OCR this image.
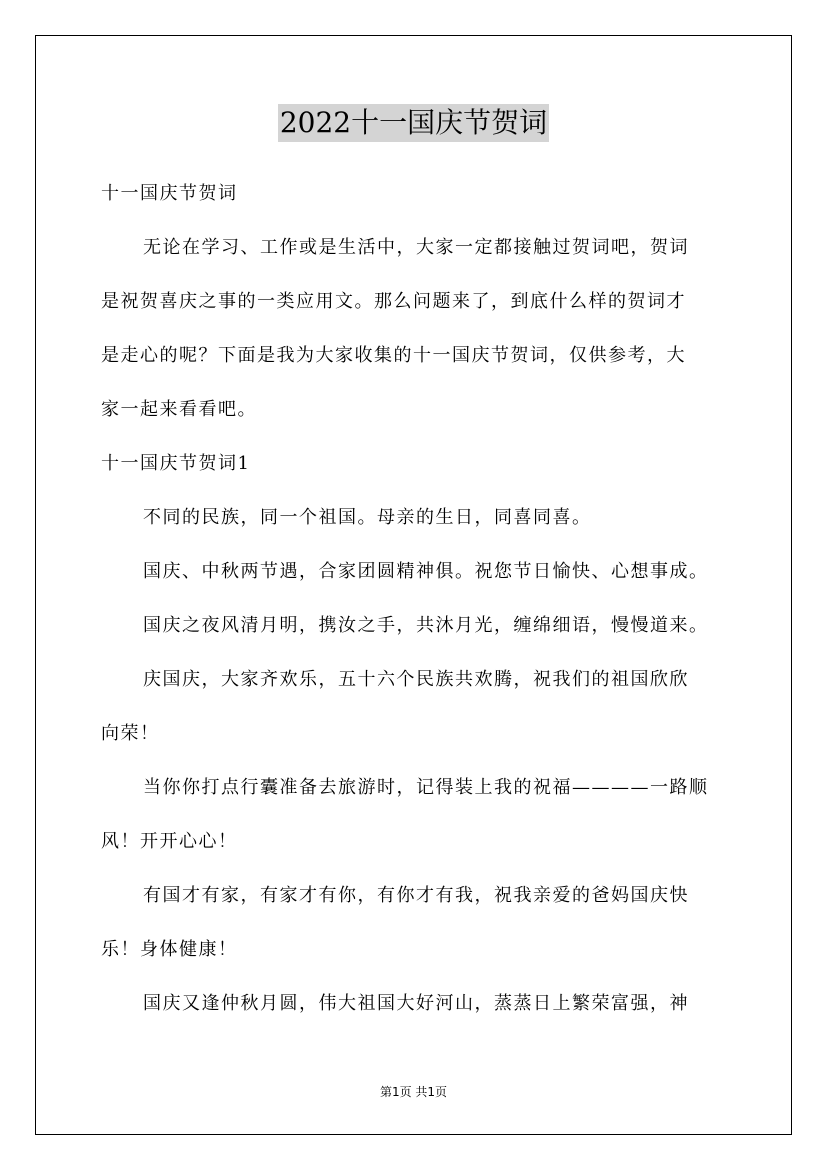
2022十一国庆节贺词
十一国庆节贺词
无论在学习、工作或是生活中，大家一定都接触过贺词吧，贺词
是祝贺喜庆之事的一类应用文。那么问题来了，到底什么样的贺词才
是走心的呢？下面是我为大家收集的十一国庆节贺词，仅供参考，大
家一起来看看吧。
十一国庆节贺词1
不同的民族，同一个祖国。母亲的生日，同喜同喜。
国庆、中秋两节遇，合家团圆精神俱。祝您节日愉快、心想事成。
国庆之夜风清月明，携汝之手，共沐月光，缠绵细语，慢慢道来。
庆国庆，大家齐欢乐，五十六个民族共欢腾，祝我们的祖国欣欣
向荣！
当你你打点行囊准备去旅游时，记得装上我的祝福————一路顺
风！开开心心！
有国才有家，有家才有你，有你才有我，祝我亲爱的爸妈国庆快
乐！身体健康！
国庆又逢仲秋月圆，伟大祖国大好河山，蒸蒸日上繁荣富强，神
第1页 共1页
